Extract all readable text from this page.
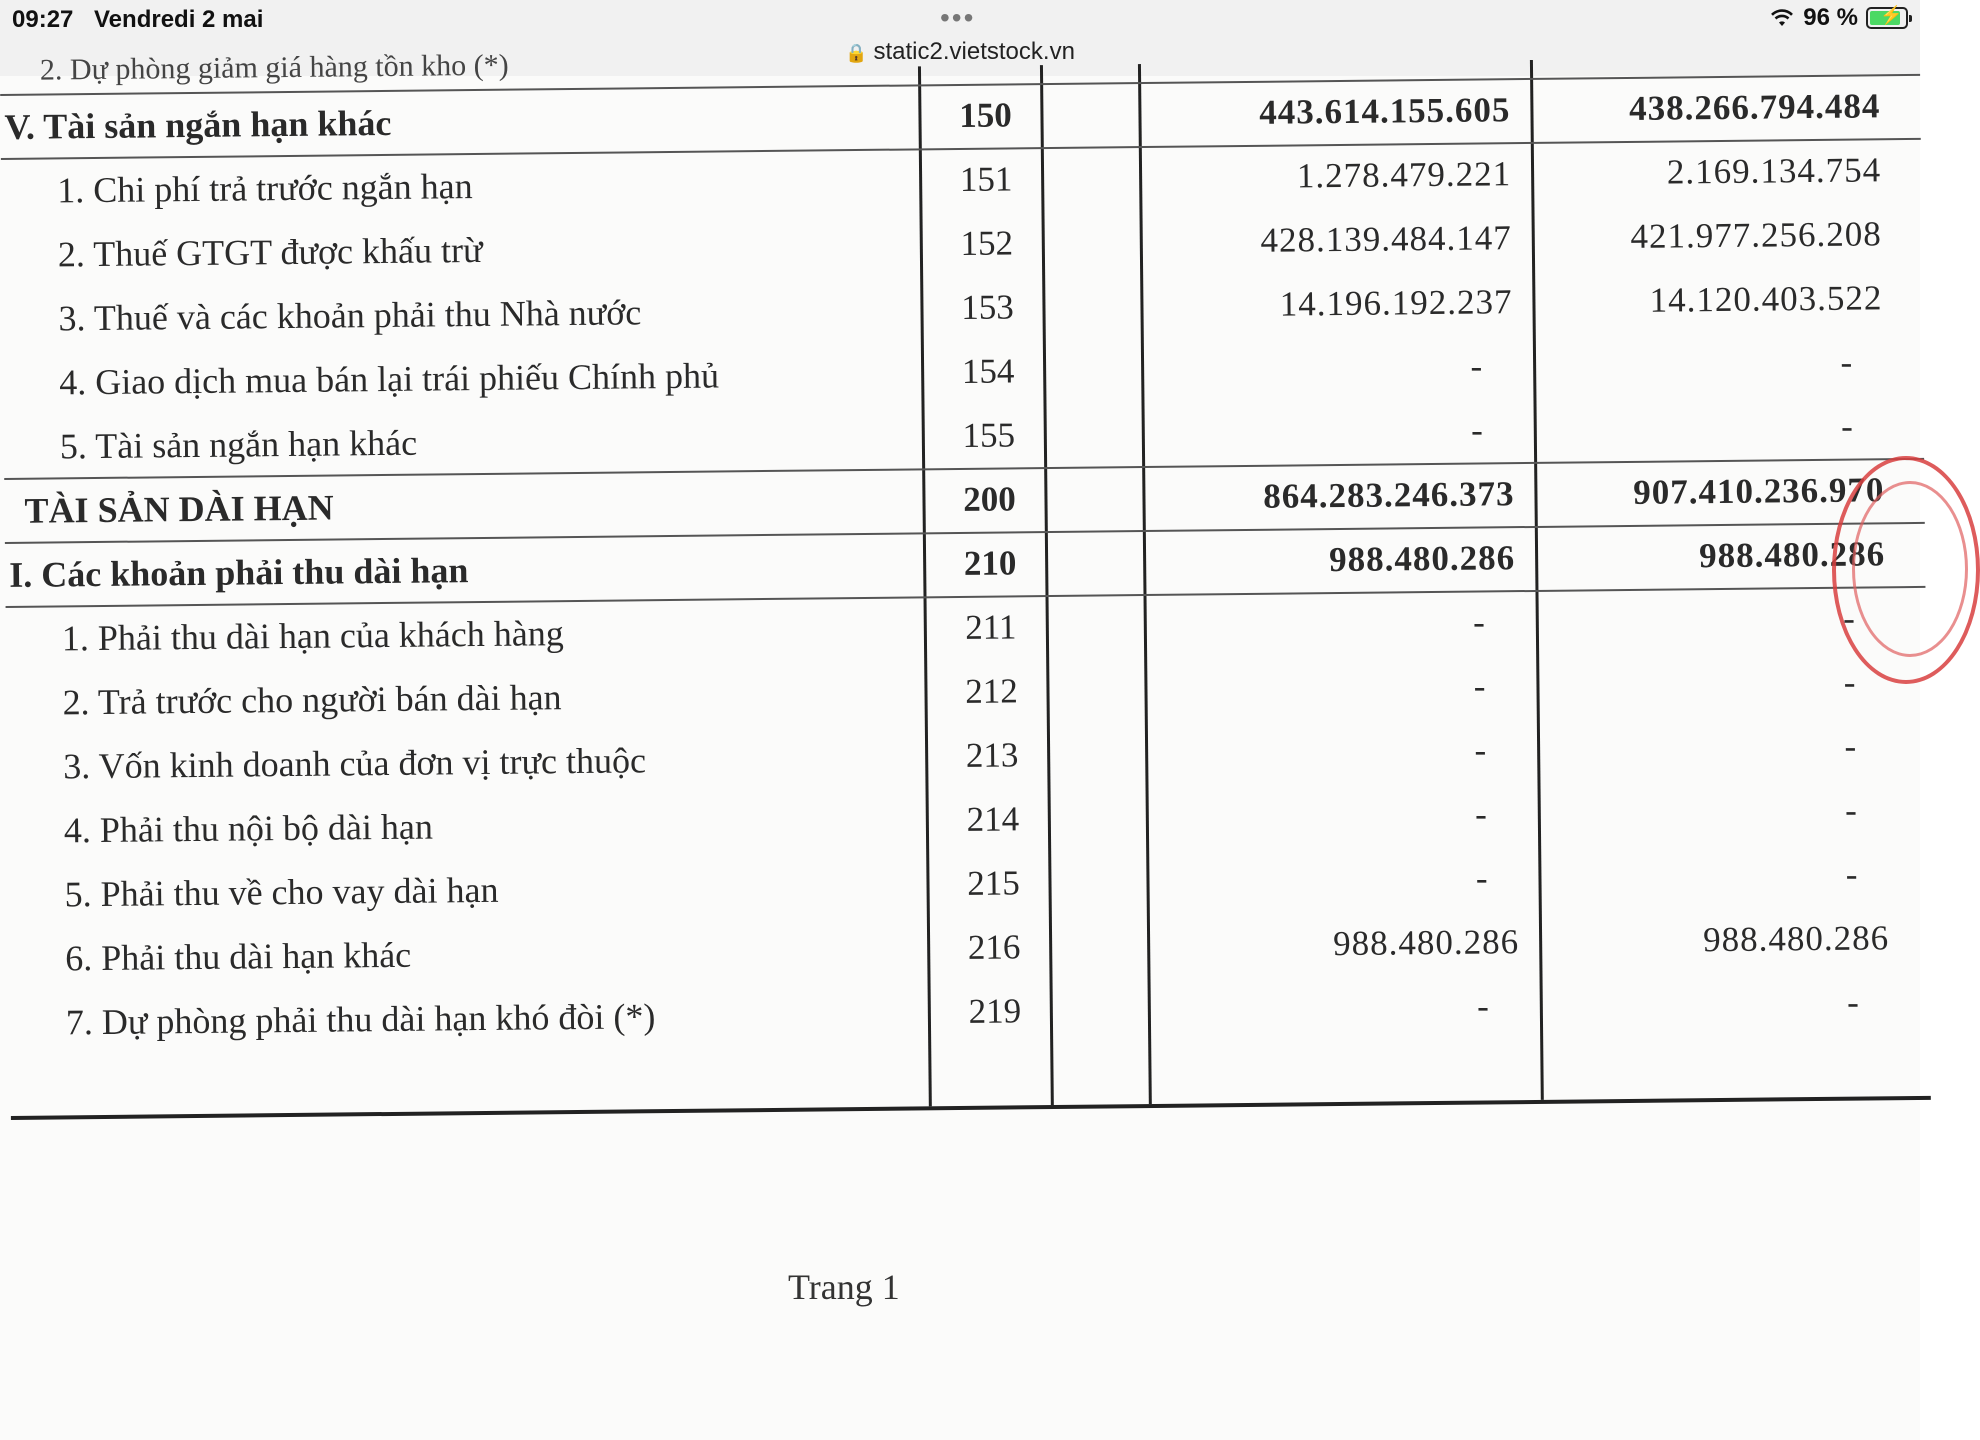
09:27 Vendredi 2 mai	•••	96 % ⚡
🔒 static2.vietstock.vn
2. Dự phòng giảm giá hàng tồn kho (*)
V. Tài sản ngắn hạn khác	150	443.614.155.605	438.266.794.484
1. Chi phí trả trước ngắn hạn	151	1.278.479.221	2.169.134.754
2. Thuế GTGT được khấu trừ	152	428.139.484.147	421.977.256.208
3. Thuế và các khoản phải thu Nhà nước	153	14.196.192.237	14.120.403.522
4. Giao dịch mua bán lại trái phiếu Chính phủ	154	-	-
5. Tài sản ngắn hạn khác	155	-	-
TÀI SẢN DÀI HẠN	200	864.283.246.373	907.410.236.970
I. Các khoản phải thu dài hạn	210	988.480.286	988.480.286
1. Phải thu dài hạn của khách hàng	211	-	-
2. Trả trước cho người bán dài hạn	212	-	-
3. Vốn kinh doanh của đơn vị trực thuộc	213	-	-
4. Phải thu nội bộ dài hạn	214	-	-
5. Phải thu về cho vay dài hạn	215	-	-
6. Phải thu dài hạn khác	216	988.480.286	988.480.286
7. Dự phòng phải thu dài hạn khó đòi (*)	219	-	-
Trang 1
